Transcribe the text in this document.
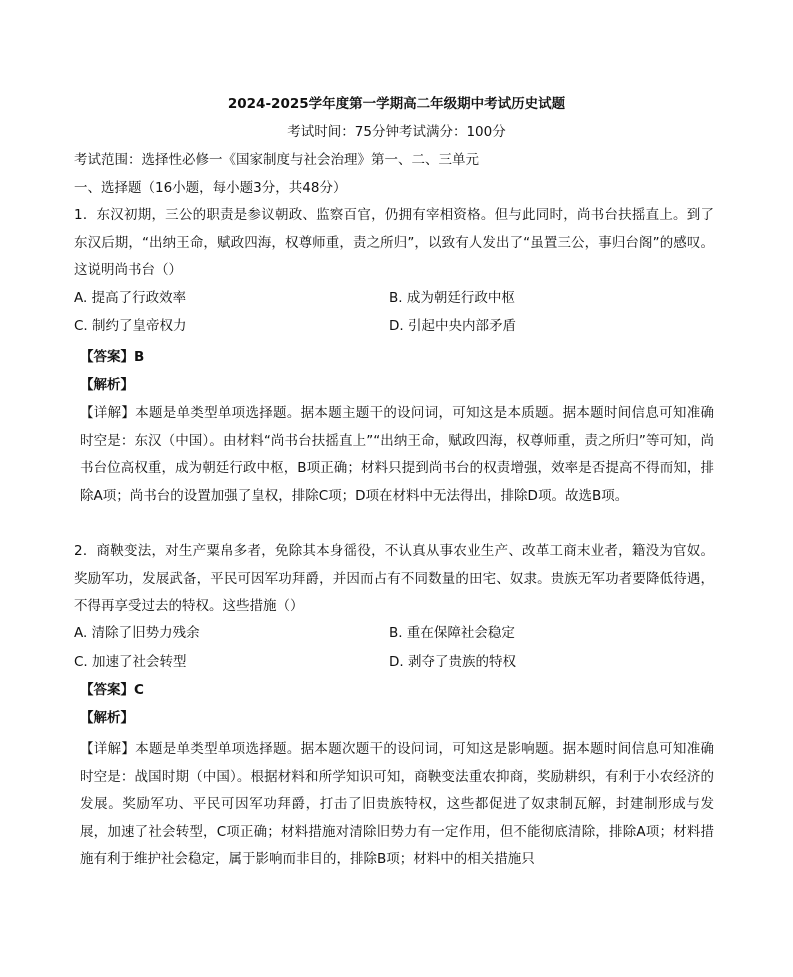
2024-2025学年度第一学期高二年级期中考试历史试题
考试时间：75分钟考试满分：100分
考试范围：选择性必修一《国家制度与社会治理》第一、二、三单元
一、选择题（16小题，每小题3分，共48分）
1．东汉初期，三公的职责是参议朝政、监察百官，仍拥有宰相资格。但与此同时，尚书台扶摇直上。到了东汉后期，“出纳王命，赋政四海，权尊师重，责之所归”，以致有人发出了“虽置三公，事归台阁”的感叹。这说明尚书台（）
A. 提高了行政效率	B. 成为朝廷行政中枢
C. 制约了皇帝权力	D. 引起中央内部矛盾
【答案】B
【解析】
【详解】本题是单类型单项选择题。据本题主题干的设问词，可知这是本质题。据本题时间信息可知准确时空是：东汉（中国）。由材料“尚书台扶摇直上”“出纳王命，赋政四海，权尊师重，责之所归”等可知，尚书台位高权重，成为朝廷行政中枢，B项正确；材料只提到尚书台的权责增强，效率是否提高不得而知，排除A项；尚书台的设置加强了皇权，排除C项；D项在材料中无法得出，排除D项。故选B项。
2．商鞅变法，对生产粟帛多者，免除其本身徭役，不认真从事农业生产、改革工商末业者，籍没为官奴。奖励军功，发展武备，平民可因军功拜爵，并因而占有不同数量的田宅、奴隶。贵族无军功者要降低待遇，不得再享受过去的特权。这些措施（）
A. 清除了旧势力残余	B. 重在保障社会稳定
C. 加速了社会转型	D. 剥夺了贵族的特权
【答案】C
【解析】
【详解】本题是单类型单项选择题。据本题次题干的设问词，可知这是影响题。据本题时间信息可知准确时空是：战国时期（中国）。根据材料和所学知识可知，商鞅变法重农抑商，奖励耕织，有利于小农经济的发展。奖励军功、平民可因军功拜爵，打击了旧贵族特权，这些都促进了奴隶制瓦解，封建制形成与发展，加速了社会转型，C项正确；材料措施对清除旧势力有一定作用，但不能彻底清除，排除A项；材料措施有利于维护社会稳定，属于影响而非目的，排除B项；材料中的相关措施只
